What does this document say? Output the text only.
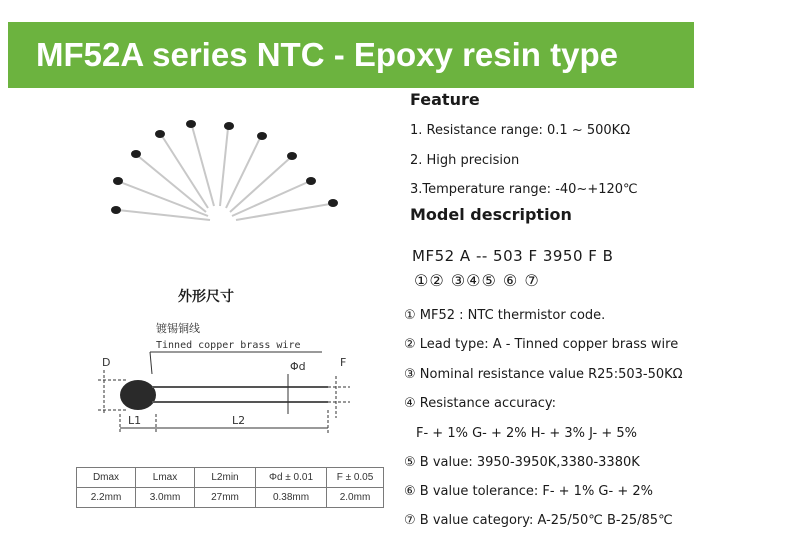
MF52A series NTC - Epoxy resin type
外形尺寸
镀锡铜线
Tinned copper brass wire
D	Φd	F
L1	L2
Dmax	Lmax	L2min	Φd ± 0.01	F ± 0.05
2.2mm	3.0mm	27mm	0.38mm	2.0mm
Feature
1. Resistance range: 0.1 ~ 500KΩ
2. High precision
3.Temperature range: -40~+120℃
Model description
MF52 A -- 503 F 3950 F B
①② ③④⑤ ⑥ ⑦
① MF52 : NTC thermistor code.
② Lead type: A - Tinned copper brass wire
③ Nominal resistance value R25:503-50KΩ
④ Resistance accuracy:
F- + 1% G- + 2% H- + 3% J- + 5%
⑤ B value: 3950-3950K,3380-3380K
⑥ B value tolerance: F- + 1% G- + 2%
⑦ B value category: A-25/50℃ B-25/85℃
